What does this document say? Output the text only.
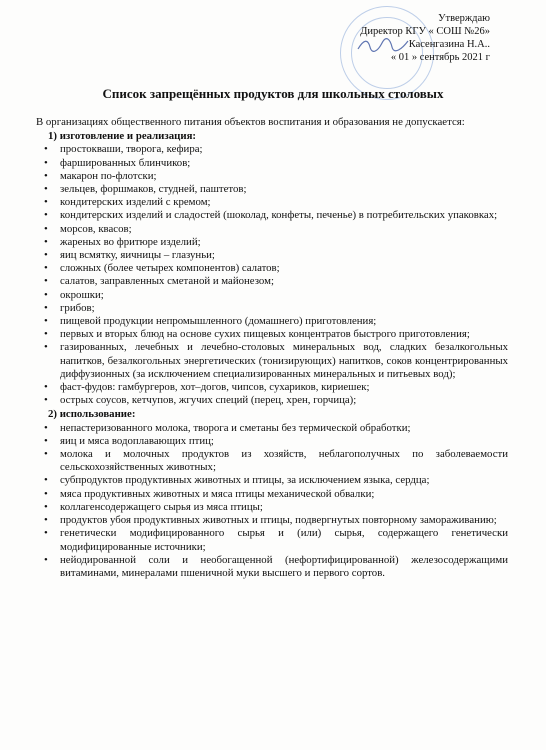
Утверждаю
Директор КГУ « СОШ №26»
Касенгазина Н.А..
« 01 » сентябрь 2021 г
Список запрещённых продуктов для школьных столовых

В организациях общественного питания объектов воспитания и образования не допускается:

1) изготовление и реализация:
• простокваши, творога, кефира;
• фаршированных блинчиков;
• макарон по-флотски;
• зельцев, форшмаков, студней, паштетов;
• кондитерских изделий с кремом;
• кондитерских изделий и сладостей (шоколад, конфеты, печенье) в потребительских упаковках;
• морсов, квасов;
• жареных во фритюре изделий;
• яиц всмятку, яичницы – глазуньи;
• сложных (более четырех компонентов) салатов;
• салатов, заправленных сметаной и майонезом;
• окрошки;
• грибов;
• пищевой продукции непромышленного (домашнего) приготовления;
• первых и вторых блюд на основе сухих пищевых концентратов быстрого приготовления;
• газированных, лечебных и лечебно-столовых минеральных вод, сладких безалкогольных напитков, безалкогольных энергетических (тонизирующих) напитков, соков концентрированных диффузионных (за исключением специализированных минеральных и питьевых вод);
• фаст-фудов: гамбургеров, хот–догов, чипсов, сухариков, кириешек;
• острых соусов, кетчупов, жгучих специй (перец, хрен, горчица);
2) использование:
• непастеризованного молока, творога и сметаны без термической обработки;
• яиц и мяса водоплавающих птиц;
• молока и молочных продуктов из хозяйств, неблагополучных по заболеваемости сельскохозяйственных животных;
• субпродуктов продуктивных животных и птицы, за исключением языка, сердца;
• мяса продуктивных животных и мяса птицы механической обвалки;
• коллагенсодержащего сырья из мяса птицы;
• продуктов убоя продуктивных животных и птицы, подвергнутых повторному замораживанию;
• генетически модифицированного сырья и (или) сырья, содержащего генетически модифицированные источники;
• нейодированной соли и необогащенной (нефортифицированной) железосодержащими витаминами, минералами пшеничной муки высшего и первого сортов.
